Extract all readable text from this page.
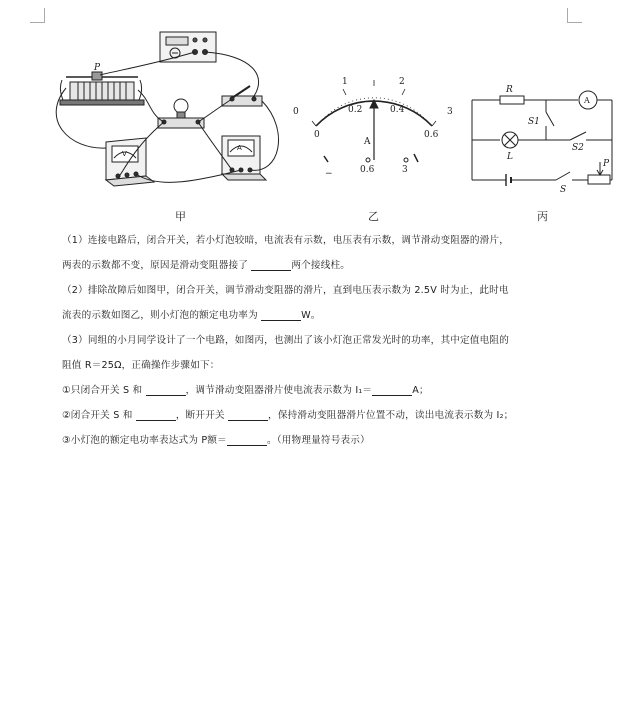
V
A
P
0
1	2
3
0
0.2	0.4
0.6
A
−	0.6	3
R
A
S1
L
S2
P
S
甲	乙	丙
（1）连接电路后，闭合开关，若小灯泡较暗，电流表有示数，电压表有示数，调节滑动变阻器的滑片，
两表的示数都不变，原因是滑动变阻器接了	两个接线柱。
（2）排除故障后如图甲，闭合开关，调节滑动变阻器的滑片，直到电压表示数为 2.5V 时为止，此时电
流表的示数如图乙，则小灯泡的额定电功率为	W。
（3）同组的小月同学设计了一个电路，如图丙，也测出了该小灯泡正常发光时的功率，其中定值电阻的
阻值 R＝25Ω，正确操作步骤如下：
①只闭合开关 S 和	，调节滑动变阻器滑片使电流表示数为 I₁＝	A；
②闭合开关 S 和	，断开开关	，保持滑动变阻器滑片位置不动，读出电流表示数为 I₂；
③小灯泡的额定电功率表达式为 P额＝	。（用物理量符号表示）
